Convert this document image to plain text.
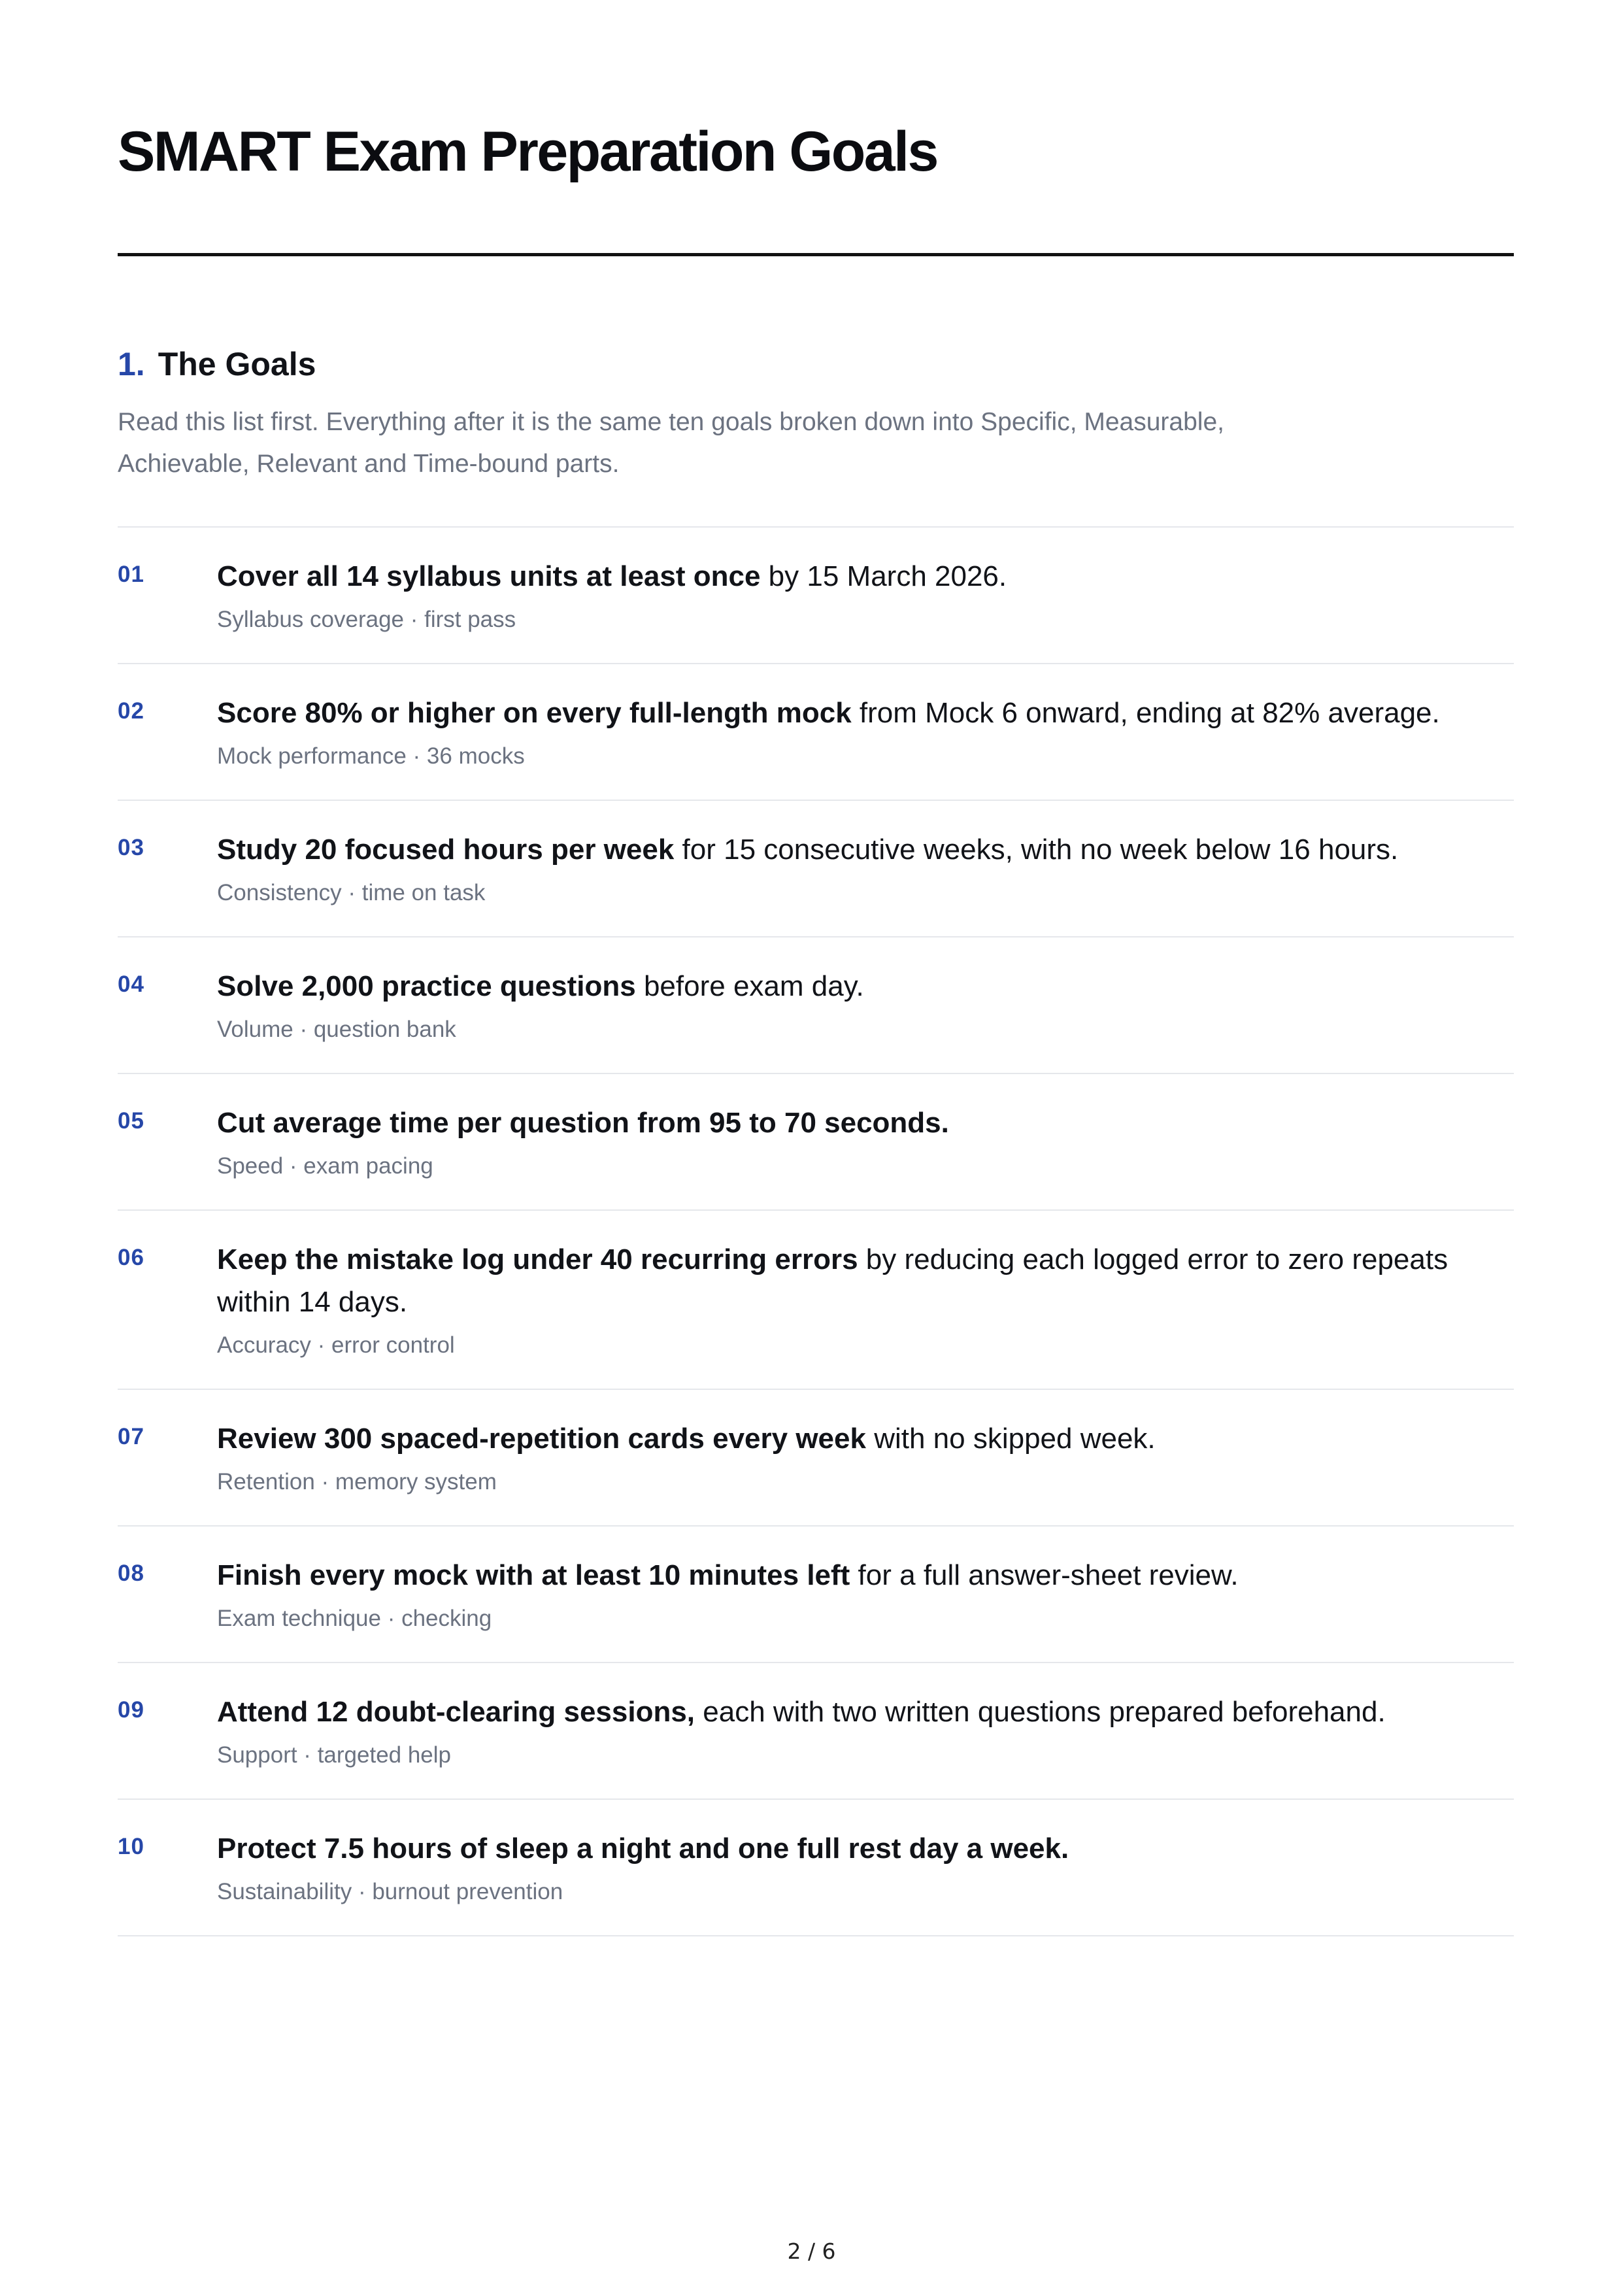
SMART Exam Preparation Goals
1. The Goals

Read this list first. Everything after it is the same ten goals broken down into Specific, Measurable, Achievable, Relevant and Time-bound parts.

01	Cover all 14 syllabus units at least once by 15 March 2026.

Syllabus coverage · first pass

02	Score 80% or higher on every full-length mock from Mock 6 onward, ending at 82% average.

Mock performance · 36 mocks

03	Study 20 focused hours per week for 15 consecutive weeks, with no week below 16 hours.

Consistency · time on task

04	Solve 2,000 practice questions before exam day.

Volume · question bank

05	Cut average time per question from 95 to 70 seconds.

Speed · exam pacing

06	Keep the mistake log under 40 recurring errors by reducing each logged error to zero repeats within 14 days.

Accuracy · error control

07	Review 300 spaced-repetition cards every week with no skipped week.

Retention · memory system

08	Finish every mock with at least 10 minutes left for a full answer-sheet review.

Exam technique · checking

09	Attend 12 doubt-clearing sessions, each with two written questions prepared beforehand.

Support · targeted help

10	Protect 7.5 hours of sleep a night and one full rest day a week.

Sustainability · burnout prevention

2 / 6
